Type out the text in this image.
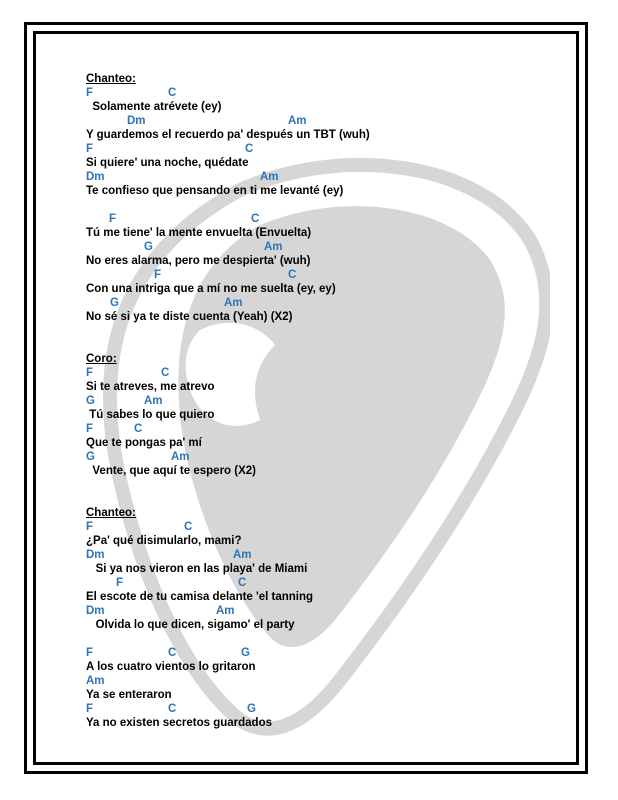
Chanteo:
F	C
Solamente atrévete (ey)
Dm	Am
Y guardemos el recuerdo pa' después un TBT (wuh)
F	C
Si quiere' una noche, quédate
Dm	Am
Te confieso que pensando en ti me levanté (ey)
F	C
Tú me tiene' la mente envuelta (Envuelta)
G	Am
No eres alarma, pero me despierta' (wuh)
F	C
Con una intriga que a mí no me suelta (ey, ey)
G	Am
No sé si ya te diste cuenta (Yeah) (X2)
Coro:
F	C
Si te atreves, me atrevo
G	Am
Tú sabes lo que quiero
F	C
Que te pongas pa' mí
G	Am
Vente, que aquí te espero (X2)
Chanteo:
F	C
¿Pa' qué disimularlo, mami?
Dm	Am
Si ya nos vieron en las playa' de Miami
F	C
El escote de tu camisa delante 'el tanning
Dm	Am
Olvida lo que dicen, sigamo' el party
F	C	G
A los cuatro vientos lo gritaron
Am
Ya se enteraron
F	C	G
Ya no existen secretos guardados
